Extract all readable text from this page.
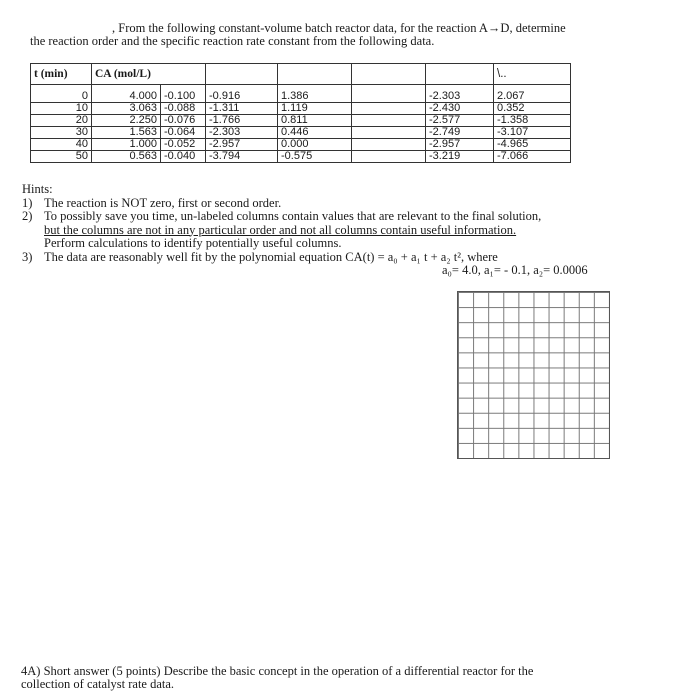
, From the following constant-volume batch reactor data, for the reaction A→D, determine
the reaction order and the specific reaction rate constant from the following data.
t (min)	CA (mol/L)						\..
0	4.000	-0.100	-0.916	1.386		-2.303	2.067
10	3.063	-0.088	-1.311	1.119		-2.430	0.352
20	2.250	-0.076	-1.766	0.811		-2.577	-1.358
30	1.563	-0.064	-2.303	0.446		-2.749	-3.107
40	1.000	-0.052	-2.957	0.000		-2.957	-4.965
50	0.563	-0.040	-3.794	-0.575		-3.219	-7.066
Hints:
1) The reaction is NOT zero, first or second order.
2) To possibly save you time, un-labeled columns contain values that are relevant to the final solution,
but the columns are not in any particular order and not all columns contain useful information.
Perform calculations to identify potentially useful columns.
3) The data are reasonably well fit by the polynomial equation CA(t) = a₀ + a₁ t + a₂ t², where
a₀= 4.0, a₁= - 0.1, a₂= 0.0006
4A) Short answer (5 points) Describe the basic concept in the operation of a differential reactor for the
collection of catalyst rate data.
